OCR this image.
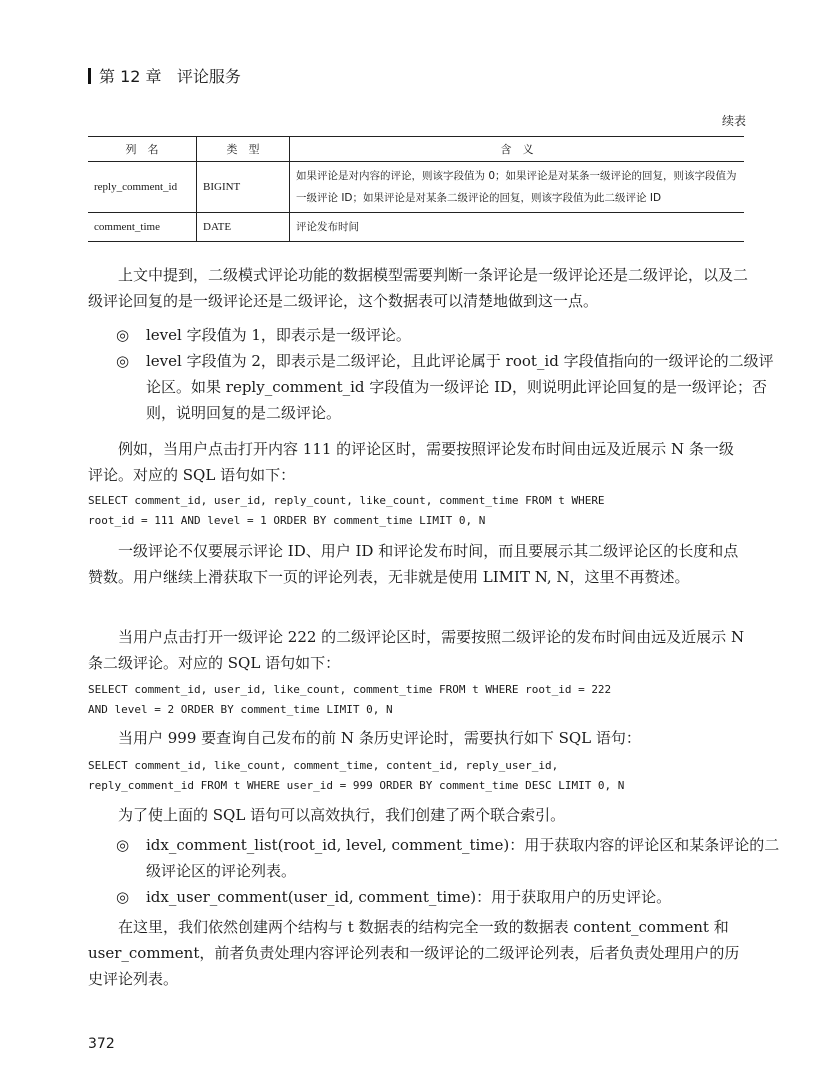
第 12 章 评论服务
续表
列　名	类　型	含　义
reply_comment_id	BIGINT	如果评论是对内容的评论，则该字段值为 0；如果评论是对某条一级评论的回复，则该字段值为一级评论 ID；如果评论是对某条二级评论的回复，则该字段值为此二级评论 ID
comment_time	DATE	评论发布时间
上文中提到，二级模式评论功能的数据模型需要判断一条评论是一级评论还是二级评论，以及二级评论回复的是一级评论还是二级评论，这个数据表可以清楚地做到这一点。
◎ level 字段值为 1，即表示是一级评论。
◎ level 字段值为 2，即表示是二级评论，且此评论属于 root_id 字段值指向的一级评论的二级评论区。如果 reply_comment_id 字段值为一级评论 ID，则说明此评论回复的是一级评论；否则，说明回复的是二级评论。
例如，当用户点击打开内容 111 的评论区时，需要按照评论发布时间由远及近展示 N 条一级评论。对应的 SQL 语句如下：
SELECT comment_id, user_id, reply_count, like_count, comment_time FROM t WHERE
root_id = 111 AND level = 1 ORDER BY comment_time LIMIT 0, N
一级评论不仅要展示评论 ID、用户 ID 和评论发布时间，而且要展示其二级评论区的长度和点赞数。用户继续上滑获取下一页的评论列表，无非就是使用 LIMIT N, N，这里不再赘述。
当用户点击打开一级评论 222 的二级评论区时，需要按照二级评论的发布时间由远及近展示 N 条二级评论。对应的 SQL 语句如下：
SELECT comment_id, user_id, like_count, comment_time FROM t WHERE root_id = 222
AND level = 2 ORDER BY comment_time LIMIT 0, N
当用户 999 要查询自己发布的前 N 条历史评论时，需要执行如下 SQL 语句：
SELECT comment_id, like_count, comment_time, content_id, reply_user_id,
reply_comment_id FROM t WHERE user_id = 999 ORDER BY comment_time DESC LIMIT 0, N
为了使上面的 SQL 语句可以高效执行，我们创建了两个联合索引。
◎ idx_comment_list(root_id, level, comment_time)：用于获取内容的评论区和某条评论的二级评论区的评论列表。
◎ idx_user_comment(user_id, comment_time)：用于获取用户的历史评论。
在这里，我们依然创建两个结构与 t 数据表的结构完全一致的数据表 content_comment 和 user_comment，前者负责处理内容评论列表和一级评论的二级评论列表，后者负责处理用户的历史评论列表。
372
